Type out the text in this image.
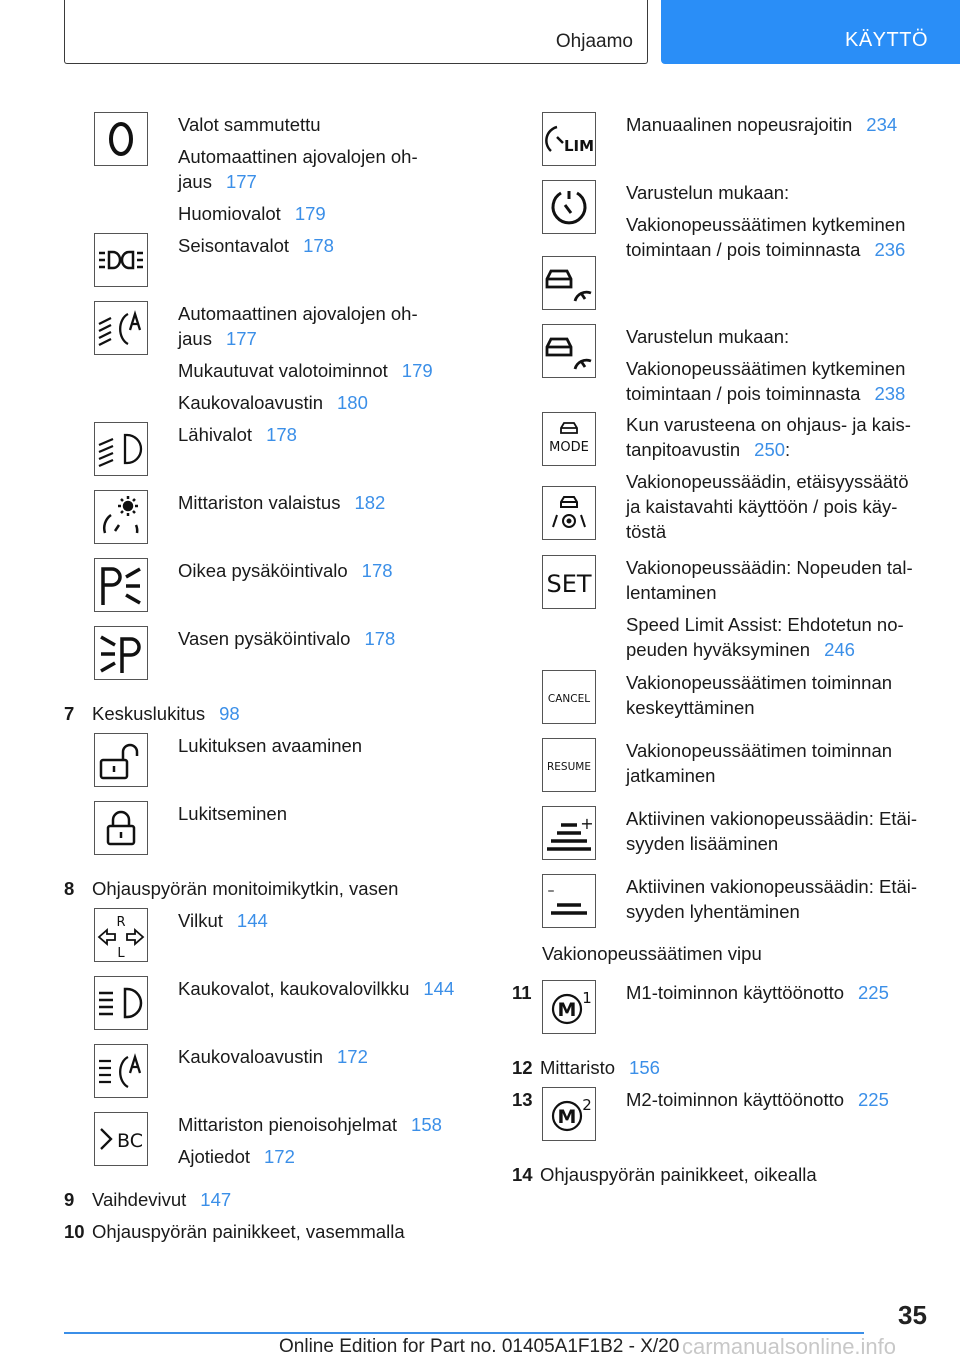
Ohjaamo	KÄYTTÖ
Valot sammutettu
Automaattinen ajovalojen oh-
jaus 177
Huomiovalot 179
Seisontavalot 178
Automaattinen ajovalojen oh-
jaus 177
Mukautuvat valotoiminnot 179
Kaukovaloavustin 180
Lähivalot 178
Mittariston valaistus 182
Oikea pysäköintivalo 178
Vasen pysäköintivalo 178
7 Keskuslukitus 98
Lukituksen avaaminen
Lukitseminen
8 Ohjauspyörän monitoimikytkin, vasen
R
L
Vilkut 144
Kaukovalot, kaukovalovilkku 144
Kaukovaloavustin 172
BC
Mittariston pienoisohjelmat 158
Ajotiedot 172
9 Vaihdevivut 147
10 Ohjauspyörän painikkeet, vasemmalla
LIM
Manuaalinen nopeusrajoitin 234
Varustelun mukaan:
Vakionopeussäätimen kytkeminen
toimintaan / pois toiminnasta 236
Varustelun mukaan:
Vakionopeussäätimen kytkeminen
toimintaan / pois toiminnasta 238
MODE
Kun varusteena on ohjaus- ja kais-
tanpitoavustin 250:
Vakionopeussäädin, etäisyyssäätö
ja kaistavahti käyttöön / pois käy-
töstä
SET
Vakionopeussäädin: Nopeuden tal-
lentaminen
Speed Limit Assist: Ehdotetun no-
peuden hyväksyminen 246
CANCEL
Vakionopeussäätimen toiminnan
keskeyttäminen
RESUME
Vakionopeussäätimen toiminnan
jatkaminen
+ Aktiivinen vakionopeussäädin: Etäi-
syyden lisääminen
–	Aktiivinen vakionopeussäädin: Etäi-
syyden lyhentäminen
Vakionopeussäätimen vipu
11
M
1 M1-toiminnon käyttöönotto 225
12 Mittaristo 156
13
M
2 M2-toiminnon käyttöönotto 225
14 Ohjauspyörän painikkeet, oikealla
35
Online Edition for Part no. 01405A1F1B2 - X/20 carmanualsonline.info
